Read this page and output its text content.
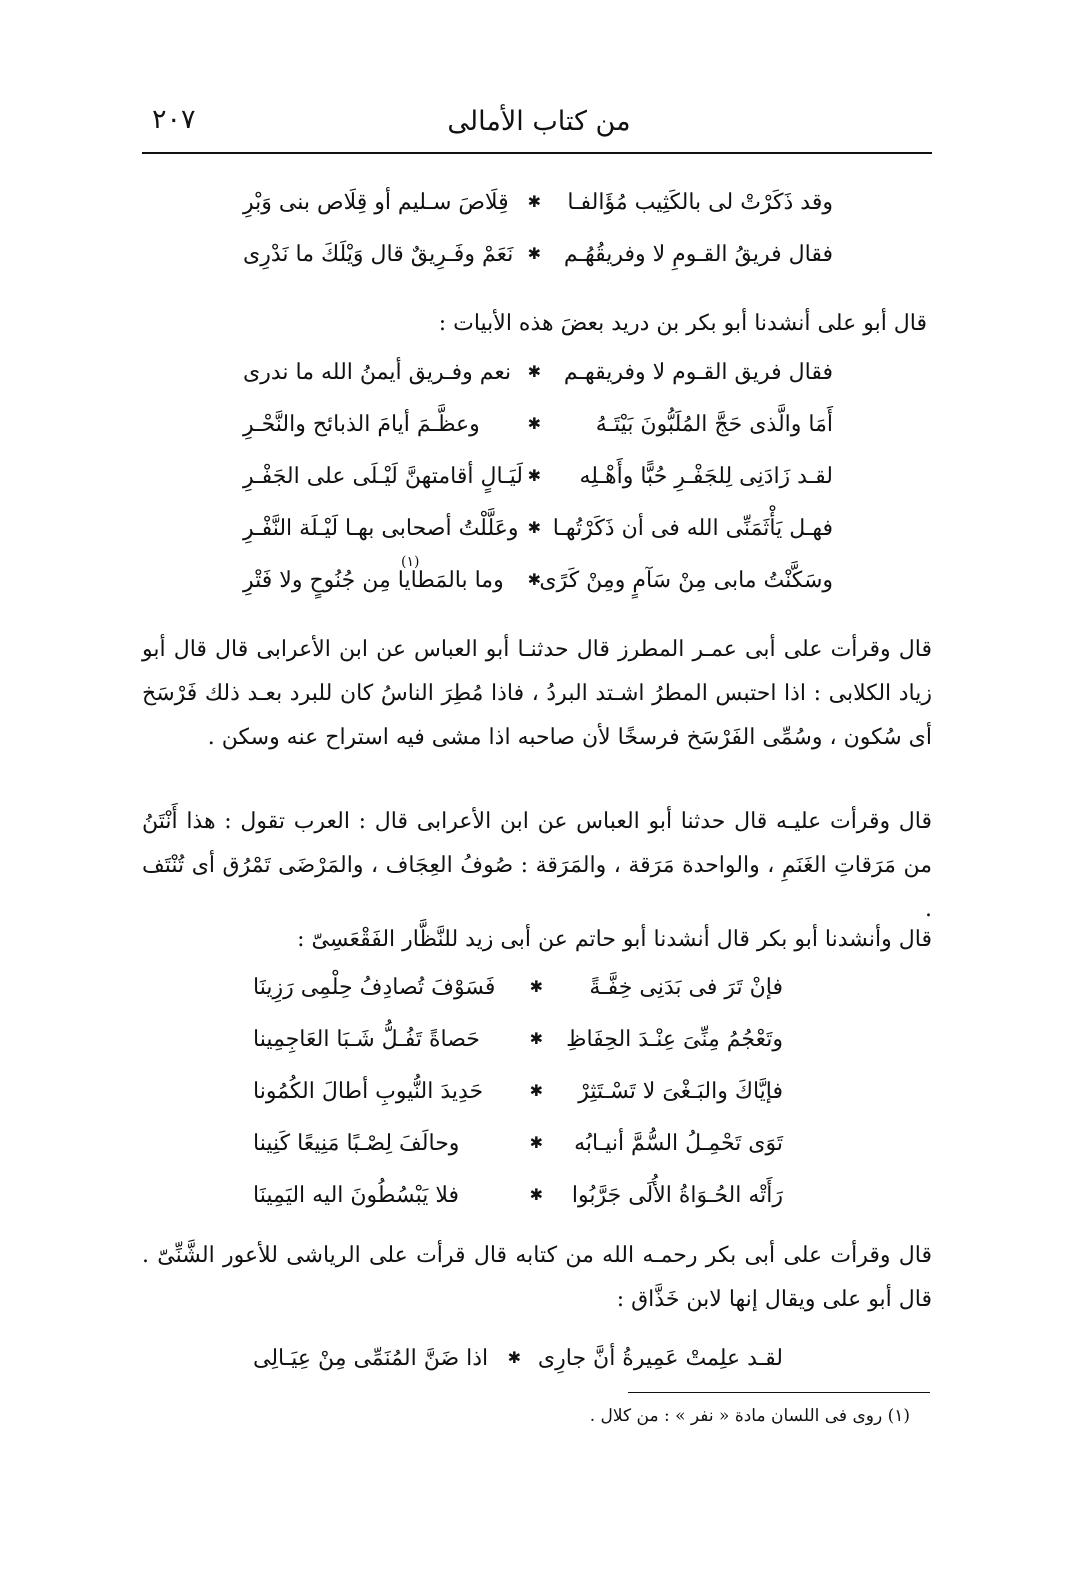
من كتاب الأمالى
٢٠٧
وقد ذَكَرْتْ لى بالكَثِيب مُؤَالفـا
✱
قِلَاصَ سـليم أو قِلَاص بنى وَبْرِ
فقال فريقُ القـومِ لا وفريقُهُـم
✱
نَعَمْ وفَـرِيقٌ قال وَيْلَكَ ما نَدْرِى
قال أبو على أنشدنا أبو بكر بن دريد بعضَ هذه الأبيات :
فقال فريق القـوم لا وفريقهـم
✱
نعم وفـريق أيمنُ الله ما ندرى
أَمَا والَّذى حَجَّ المُلَبُّونَ بَيْتَـهُ
✱
وعظَّـمَ أيامَ الذبائح والنَّحْـرِ
لقـد زَادَنِى لِلجَفْـرِ حُبًّا وأَهْـلِه
✱
لَيَـالٍ أقامتهنَّ لَيْـلَى على الجَفْـرِ
فهـل يَأْثَمَنِّى الله فى أن ذَكَرْتُهـا
✱
وعَلَّلْتُ أصحابى بهـا لَيْـلَة النَّفْـرِ
وسَكَّنْتُ مابى مِنْ سَآمٍ ومِنْ كَرًى
✱
وما بالمَطايا مِن جُنُوحٍ ولا فَتْرِ
(١)
قال وقرأت على أبى عمـر المطرز قال حدثنـا أبو العباس عن ابن الأعرابى قال قال أبو زياد الكلابى : اذا احتبس المطرُ اشـتد البردُ ، فاذا مُطِرَ الناسُ كان للبرد بعـد ذلك فَرْسَخ أى سُكون ، وسُمِّى الفَرْسَخ فرسخًا لأن صاحبه اذا مشى فيه استراح عنه وسكن .
قال وقرأت عليـه قال حدثنا أبو العباس عن ابن الأعرابى قال : العرب تقول : هذا أَنْتَنُ من مَرَقاتِ الغَنَمِ ، والواحدة مَرَقة ، والمَرَقة : صُوفُ العِجَاف ، والمَرْضَى تَمْرُق أى تُنْتَف .
قال وأنشدنا أبو بكر قال أنشدنا أبو حاتم عن أبى زيد للنَّظَّار الفَقْعَسِىّ :
فإنْ تَرَ فى بَدَنِى خِفَّـةً
✱
فَسَوْفَ تُصادِفُ حِلْمِى رَزِينَا
وتَعْجُمُ مِنِّىَ عِنْـدَ الحِفَاظِ
✱
حَصاةً تَفُـلُّ شَـبَا العَاجِمِينا
فإيَّاكَ والبَـغْىَ لا تَسْـتَثِرْ
✱
حَدِيدَ النُّيوبِ أطالَ الكُمُونا
تَوَى تَحْمِـلُ السُّمَّ أنيـابُه
✱
وحالَفَ لِصْـبًا مَنِيعًا كَنِينا
رَأَتْه الحُـوَاةُ الأُلَى جَرَّبُوا
✱
فلا يَبْسُطُونَ اليه اليَمِينَا
قال وقرأت على أبى بكر رحمـه الله من كتابه قال قرأت على الرياشى للأعور الشَّنِّىّ . قال أبو على ويقال إنها لابن خَذَّاق :
لقـد علِمتْ عَمِيرةُ أنَّ جارِى
✱
اذا ضَنَّ المُنَمِّى مِنْ عِيَـالِى
(١) روى فى اللسان مادة « نفر » : من كلال .
